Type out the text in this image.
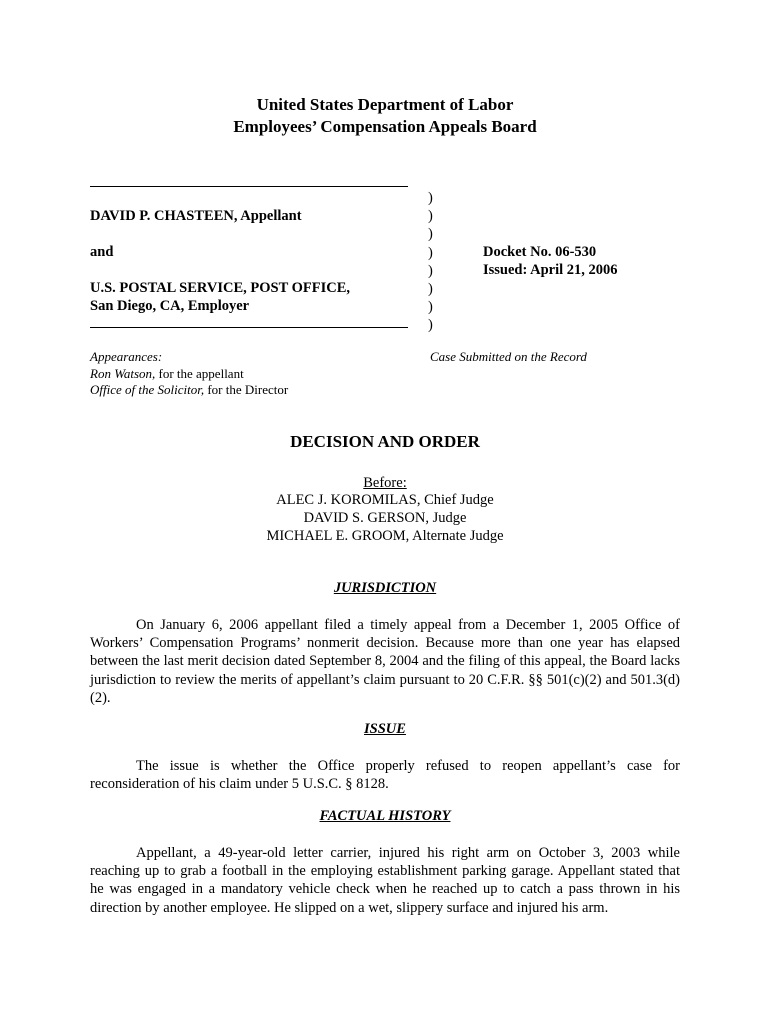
United States Department of Labor
Employees’ Compensation Appeals Board
DAVID P. CHASTEEN, Appellant
and
U.S. POSTAL SERVICE, POST OFFICE,
San Diego, CA, Employer
)
)
)
)
)
)
)
)
Docket No. 06-530
Issued: April 21, 2006
Appearances:
Ron Watson, for the appellant
Office of the Solicitor, for the Director
Case Submitted on the Record
DECISION AND ORDER
Before:
ALEC J. KOROMILAS, Chief Judge
DAVID S. GERSON, Judge
MICHAEL E. GROOM, Alternate Judge
JURISDICTION
On January 6, 2006 appellant filed a timely appeal from a December 1, 2005 Office of Workers’ Compensation Programs’ nonmerit decision. Because more than one year has elapsed between the last merit decision dated September 8, 2004 and the filing of this appeal, the Board lacks jurisdiction to review the merits of appellant’s claim pursuant to 20 C.F.R. §§ 501(c)(2) and 501.3(d)(2).
ISSUE
The issue is whether the Office properly refused to reopen appellant’s case for reconsideration of his claim under 5 U.S.C. § 8128.
FACTUAL HISTORY
Appellant, a 49-year-old letter carrier, injured his right arm on October 3, 2003 while reaching up to grab a football in the employing establishment parking garage. Appellant stated that he was engaged in a mandatory vehicle check when he reached up to catch a pass thrown in his direction by another employee. He slipped on a wet, slippery surface and injured his arm.
